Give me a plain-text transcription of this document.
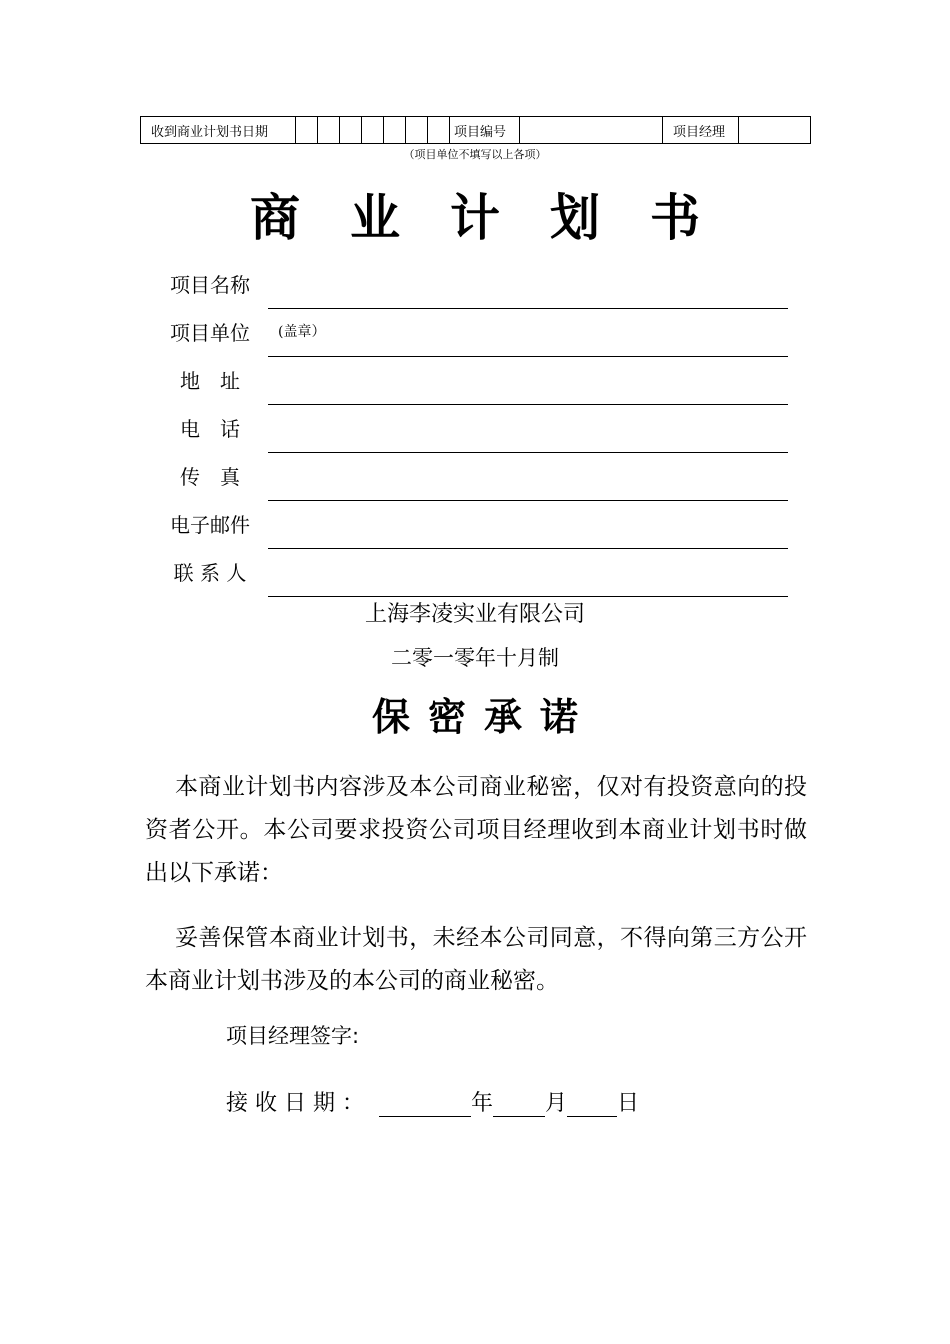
收到商业计划书日期								项目编号		项目经理	
（项目单位不填写以上各项）
商业计划书
项目名称
项目单位	(盖章）
地　址
电　话
传　真
电子邮件
联 系 人
上海李凌实业有限公司
二零一零年十月制
保密承诺
本商业计划书内容涉及本公司商业秘密，仅对有投资意向的投资者公开。本公司要求投资公司项目经理收到本商业计划书时做出以下承诺：
妥善保管本商业计划书，未经本公司同意，不得向第三方公开本商业计划书涉及的本公司的商业秘密。
项目经理签字:
接收日期：	年 月 日
